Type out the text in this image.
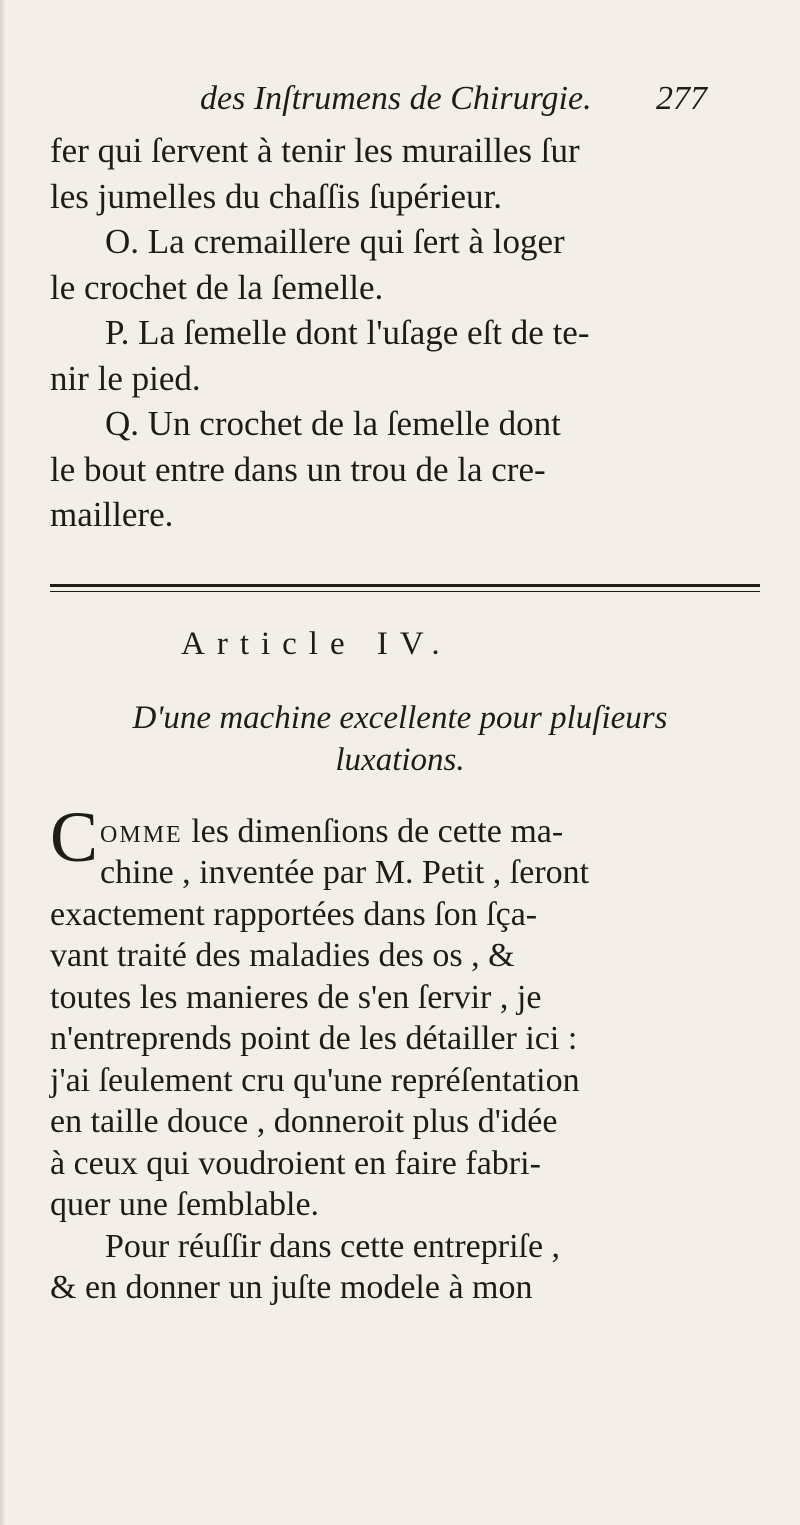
des Inſtrumens de Chirurgie. 277
fer qui ſervent à tenir les murailles ſur
les jumelles du chaſſis ſupérieur.
O. La cremaillere qui ſert à loger
le crochet de la ſemelle.
P. La ſemelle dont l'uſage eſt de te-
nir le pied.
Q. Un crochet de la ſemelle dont
le bout entre dans un trou de la cre-
maillere.
Article IV.
D'une machine excellente pour pluſieurs
luxations.
Comme les dimenſions de cette ma-
chine , inventée par M. Petit , ſeront
exactement rapportées dans ſon ſça-
vant traité des maladies des os , &
toutes les manieres de s'en ſervir , je
n'entreprends point de les détailler ici :
j'ai ſeulement cru qu'une repréſentation
en taille douce , donneroit plus d'idée
à ceux qui voudroient en faire fabri-
quer une ſemblable.
Pour réuſſir dans cette entrepriſe ,
& en donner un juſte modele à mon
